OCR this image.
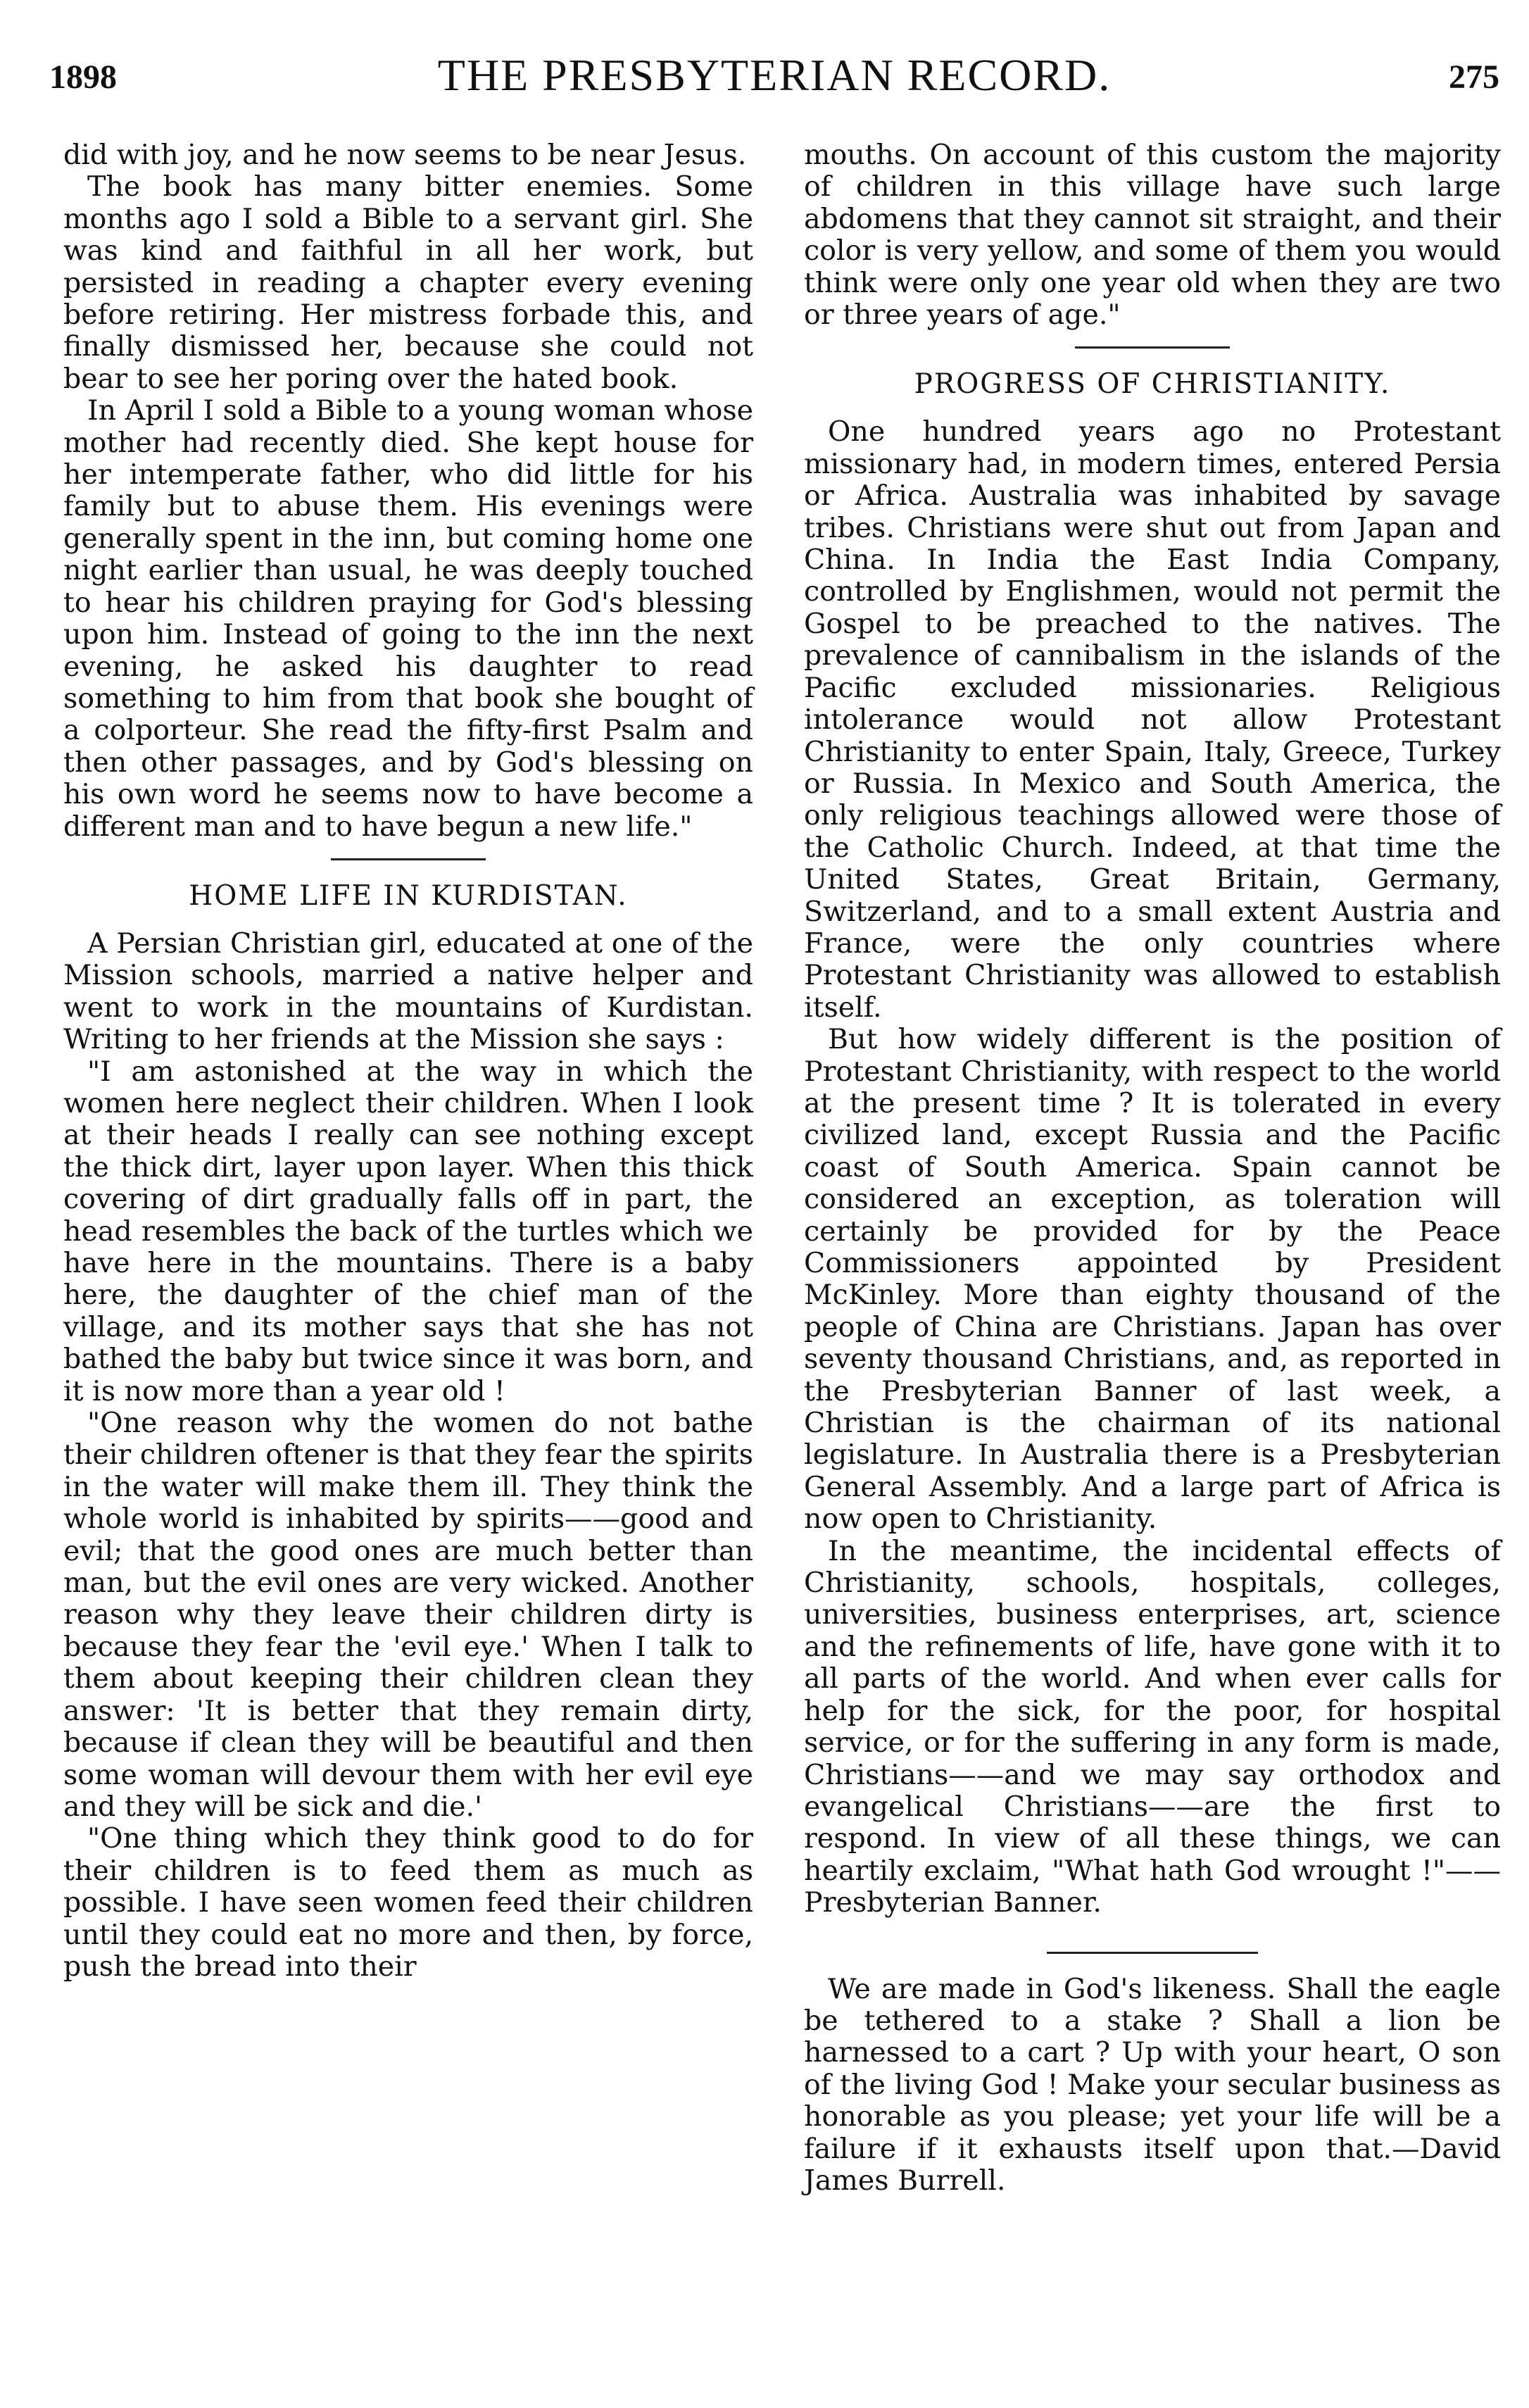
1898	THE PRESBYTERIAN RECORD.	275

did with joy, and he now seems to be near Jesus.

The book has many bitter enemies. Some months ago I sold a Bible to a servant girl. She was kind and faithful in all her work, but persisted in reading a chapter every evening before retiring. Her mistress forbade this, and finally dismissed her, because she could not bear to see her poring over the hated book.

In April I sold a Bible to a young woman whose mother had recently died. She kept house for her intemperate father, who did little for his family but to abuse them. His evenings were generally spent in the inn, but coming home one night earlier than usual, he was deeply touched to hear his children praying for God's blessing upon him. Instead of going to the inn the next evening, he asked his daughter to read something to him from that book she bought of a colporteur. She read the fifty-first Psalm and then other passages, and by God's blessing on his own word he seems now to have become a different man and to have begun a new life."

HOME LIFE IN KURDISTAN.

A Persian Christian girl, educated at one of the Mission schools, married a native helper and went to work in the mountains of Kurdistan. Writing to her friends at the Mission she says :

"I am astonished at the way in which the women here neglect their children. When I look at their heads I really can see nothing except the thick dirt, layer upon layer. When this thick covering of dirt gradually falls off in part, the head resembles the back of the turtles which we have here in the mountains. There is a baby here, the daughter of the chief man of the village, and its mother says that she has not bathed the baby but twice since it was born, and it is now more than a year old !

"One reason why the women do not bathe their children oftener is that they fear the spirits in the water will make them ill. They think the whole world is inhabited by spirits——good and evil; that the good ones are much better than man, but the evil ones are very wicked. Another reason why they leave their children dirty is because they fear the 'evil eye.' When I talk to them about keeping their children clean they answer: 'It is better that they remain dirty, because if clean they will be beautiful and then some woman will devour them with her evil eye and they will be sick and die.'

"One thing which they think good to do for their children is to feed them as much as possible. I have seen women feed their children until they could eat no more and then, by force, push the bread into their

mouths. On account of this custom the majority of children in this village have such large abdomens that they cannot sit straight, and their color is very yellow, and some of them you would think were only one year old when they are two or three years of age."

PROGRESS OF CHRISTIANITY.

One hundred years ago no Protestant missionary had, in modern times, entered Persia or Africa. Australia was inhabited by savage tribes. Christians were shut out from Japan and China. In India the East India Company, controlled by Englishmen, would not permit the Gospel to be preached to the natives. The prevalence of cannibalism in the islands of the Pacific excluded missionaries. Religious intolerance would not allow Protestant Christianity to enter Spain, Italy, Greece, Turkey or Russia. In Mexico and South America, the only religious teachings allowed were those of the Catholic Church. Indeed, at that time the United States, Great Britain, Germany, Switzerland, and to a small extent Austria and France, were the only countries where Protestant Christianity was allowed to establish itself.

But how widely different is the position of Protestant Christianity, with respect to the world at the present time ? It is tolerated in every civilized land, except Russia and the Pacific coast of South America. Spain cannot be considered an exception, as toleration will certainly be provided for by the Peace Commissioners appointed by President McKinley. More than eighty thousand of the people of China are Christians. Japan has over seventy thousand Christians, and, as reported in the Presbyterian Banner of last week, a Christian is the chairman of its national legislature. In Australia there is a Presbyterian General Assembly. And a large part of Africa is now open to Christianity.

In the meantime, the incidental effects of Christianity, schools, hospitals, colleges, universities, business enterprises, art, science and the refinements of life, have gone with it to all parts of the world. And when ever calls for help for the sick, for the poor, for hospital service, or for the suffering in any form is made, Christians——and we may say orthodox and evangelical Christians——are the first to respond. In view of all these things, we can heartily exclaim, "What hath God wrought !"——Presbyterian Banner.

We are made in God's likeness. Shall the eagle be tethered to a stake ? Shall a lion be harnessed to a cart ? Up with your heart, O son of the living God ! Make your secular business as honorable as you please; yet your life will be a failure if it exhausts itself upon that.—David James Burrell.
